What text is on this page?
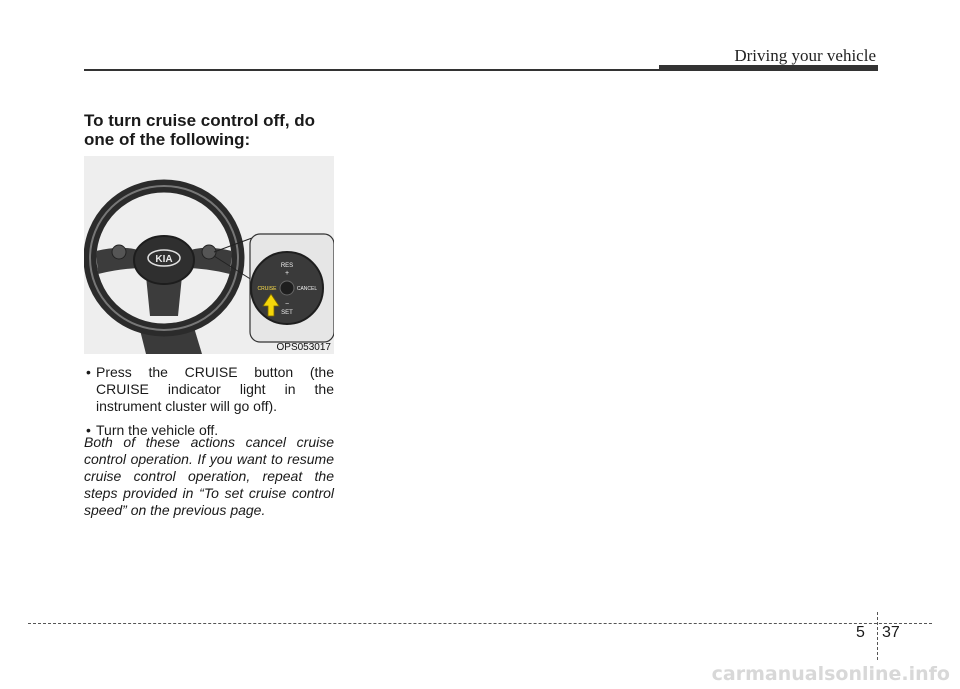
Driving your vehicle
To turn cruise control off, do one of the following:
KIA
RES
+
−
SET
CRUISE	CANCEL
OPS053017
• Press the CRUISE button (the CRUISE indicator light in the instrument cluster will go off).
• Turn the vehicle off.

Both of these actions cancel cruise control operation. If you want to resume cruise control operation, repeat the steps provided in “To set cruise control speed” on the previous page.

5 37
carmanualsonline.info
